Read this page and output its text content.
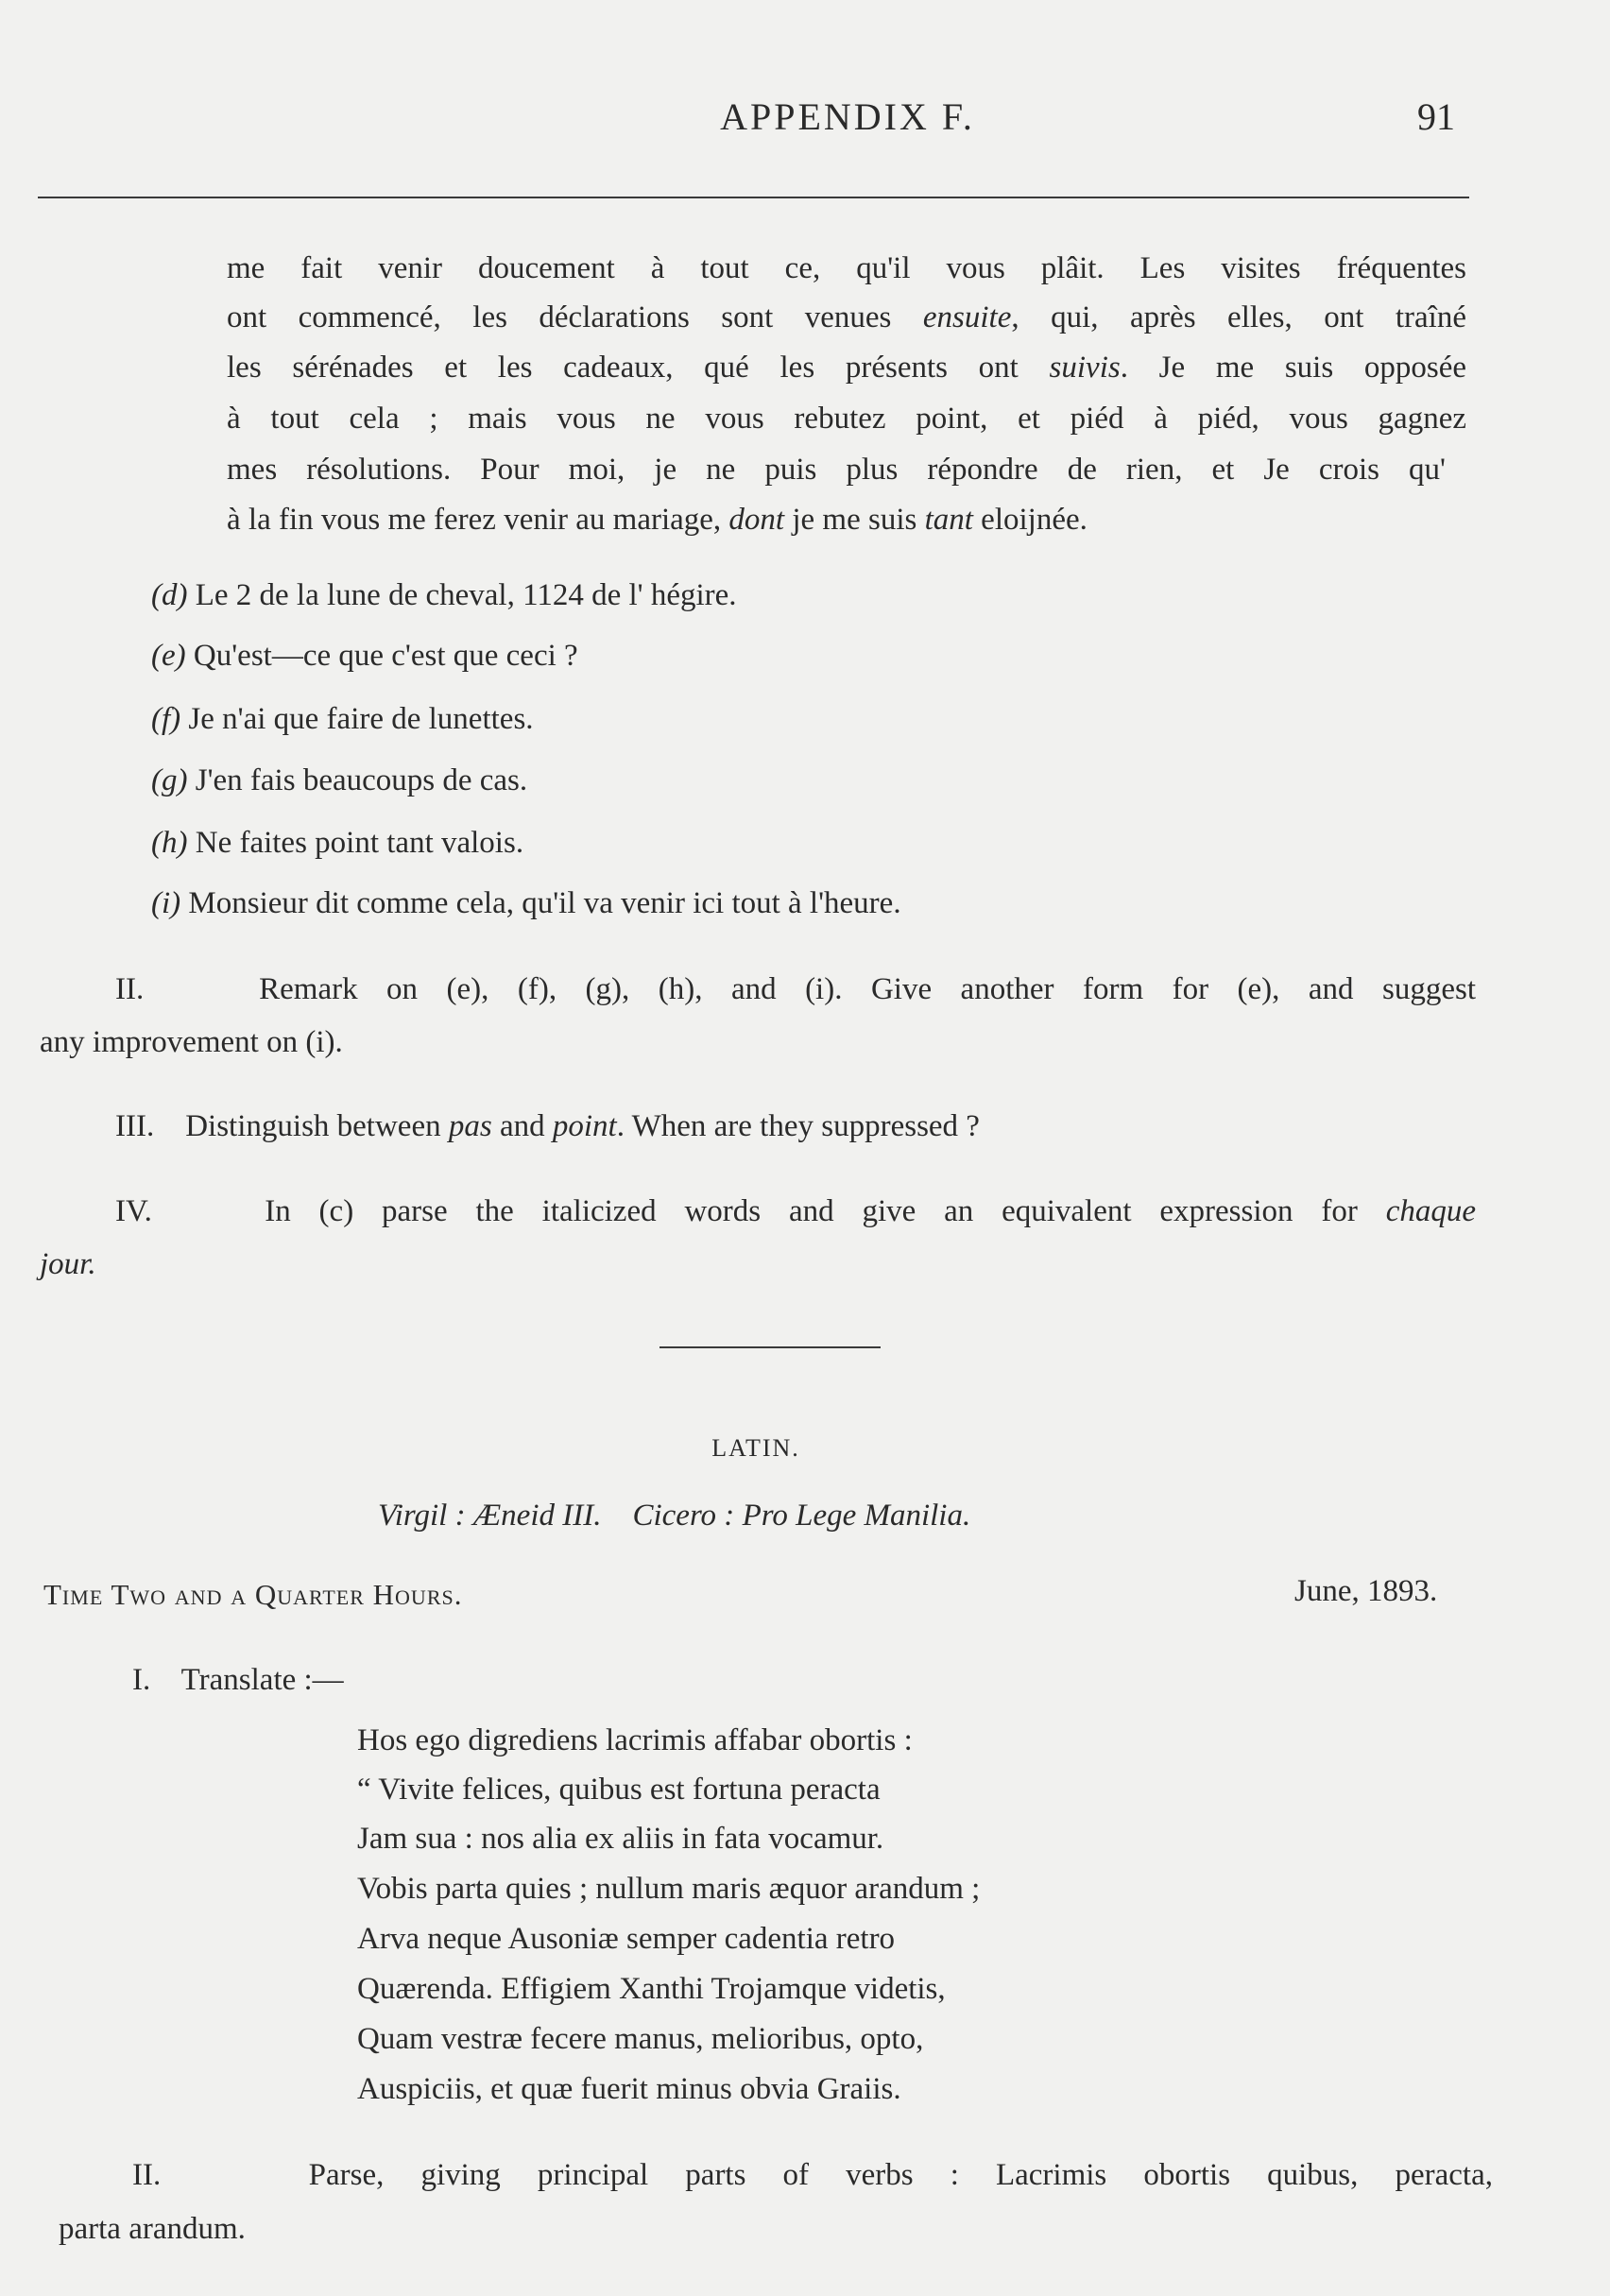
APPENDIX F.	91
me fait venir doucement à tout ce, qu'il vous plâit. Les visites fréquentes
ont commencé, les déclarations sont venues ensuite, qui, après elles, ont traîné
les sérénades et les cadeaux, qué les présents ont suivis. Je me suis opposée
à tout cela ; mais vous ne vous rebutez point, et piéd à piéd, vous gagnez
mes résolutions. Pour moi, je ne puis plus répondre de rien, et Je crois qu'
à la fin vous me ferez venir au mariage, dont je me suis tant eloijnée.
(d) Le 2 de la lune de cheval, 1124 de l' hégire.
(e) Qu'est—ce que c'est que ceci ?
(f) Je n'ai que faire de lunettes.
(g) J'en fais beaucoups de cas.
(h) Ne faites point tant valois.
(i) Monsieur dit comme cela, qu'il va venir ici tout à l'heure.
II.	Remark on (e), (f), (g), (h), and (i). Give another form for (e), and suggest
any improvement on (i).
III. Distinguish between pas and point. When are they suppressed ?
IV.	In (c) parse the italicized words and give an equivalent expression for chaque
jour.
LATIN.
Virgil : Æneid III. Cicero : Pro Lege Manilia.
Time Two and a Quarter Hours.	June, 1893.
I. Translate :—
Hos ego digrediens lacrimis affabar obortis :
“ Vivite felices, quibus est fortuna peracta
Jam sua : nos alia ex aliis in fata vocamur.
Vobis parta quies ; nullum maris æquor arandum ;
Arva neque Ausoniæ semper cadentia retro
Quærenda. Effigiem Xanthi Trojamque videtis,
Quam vestræ fecere manus, melioribus, opto,
Auspiciis, et quæ fuerit minus obvia Graiis.
II.	Parse, giving principal parts of verbs : Lacrimis obortis quibus, peracta,
parta arandum.
